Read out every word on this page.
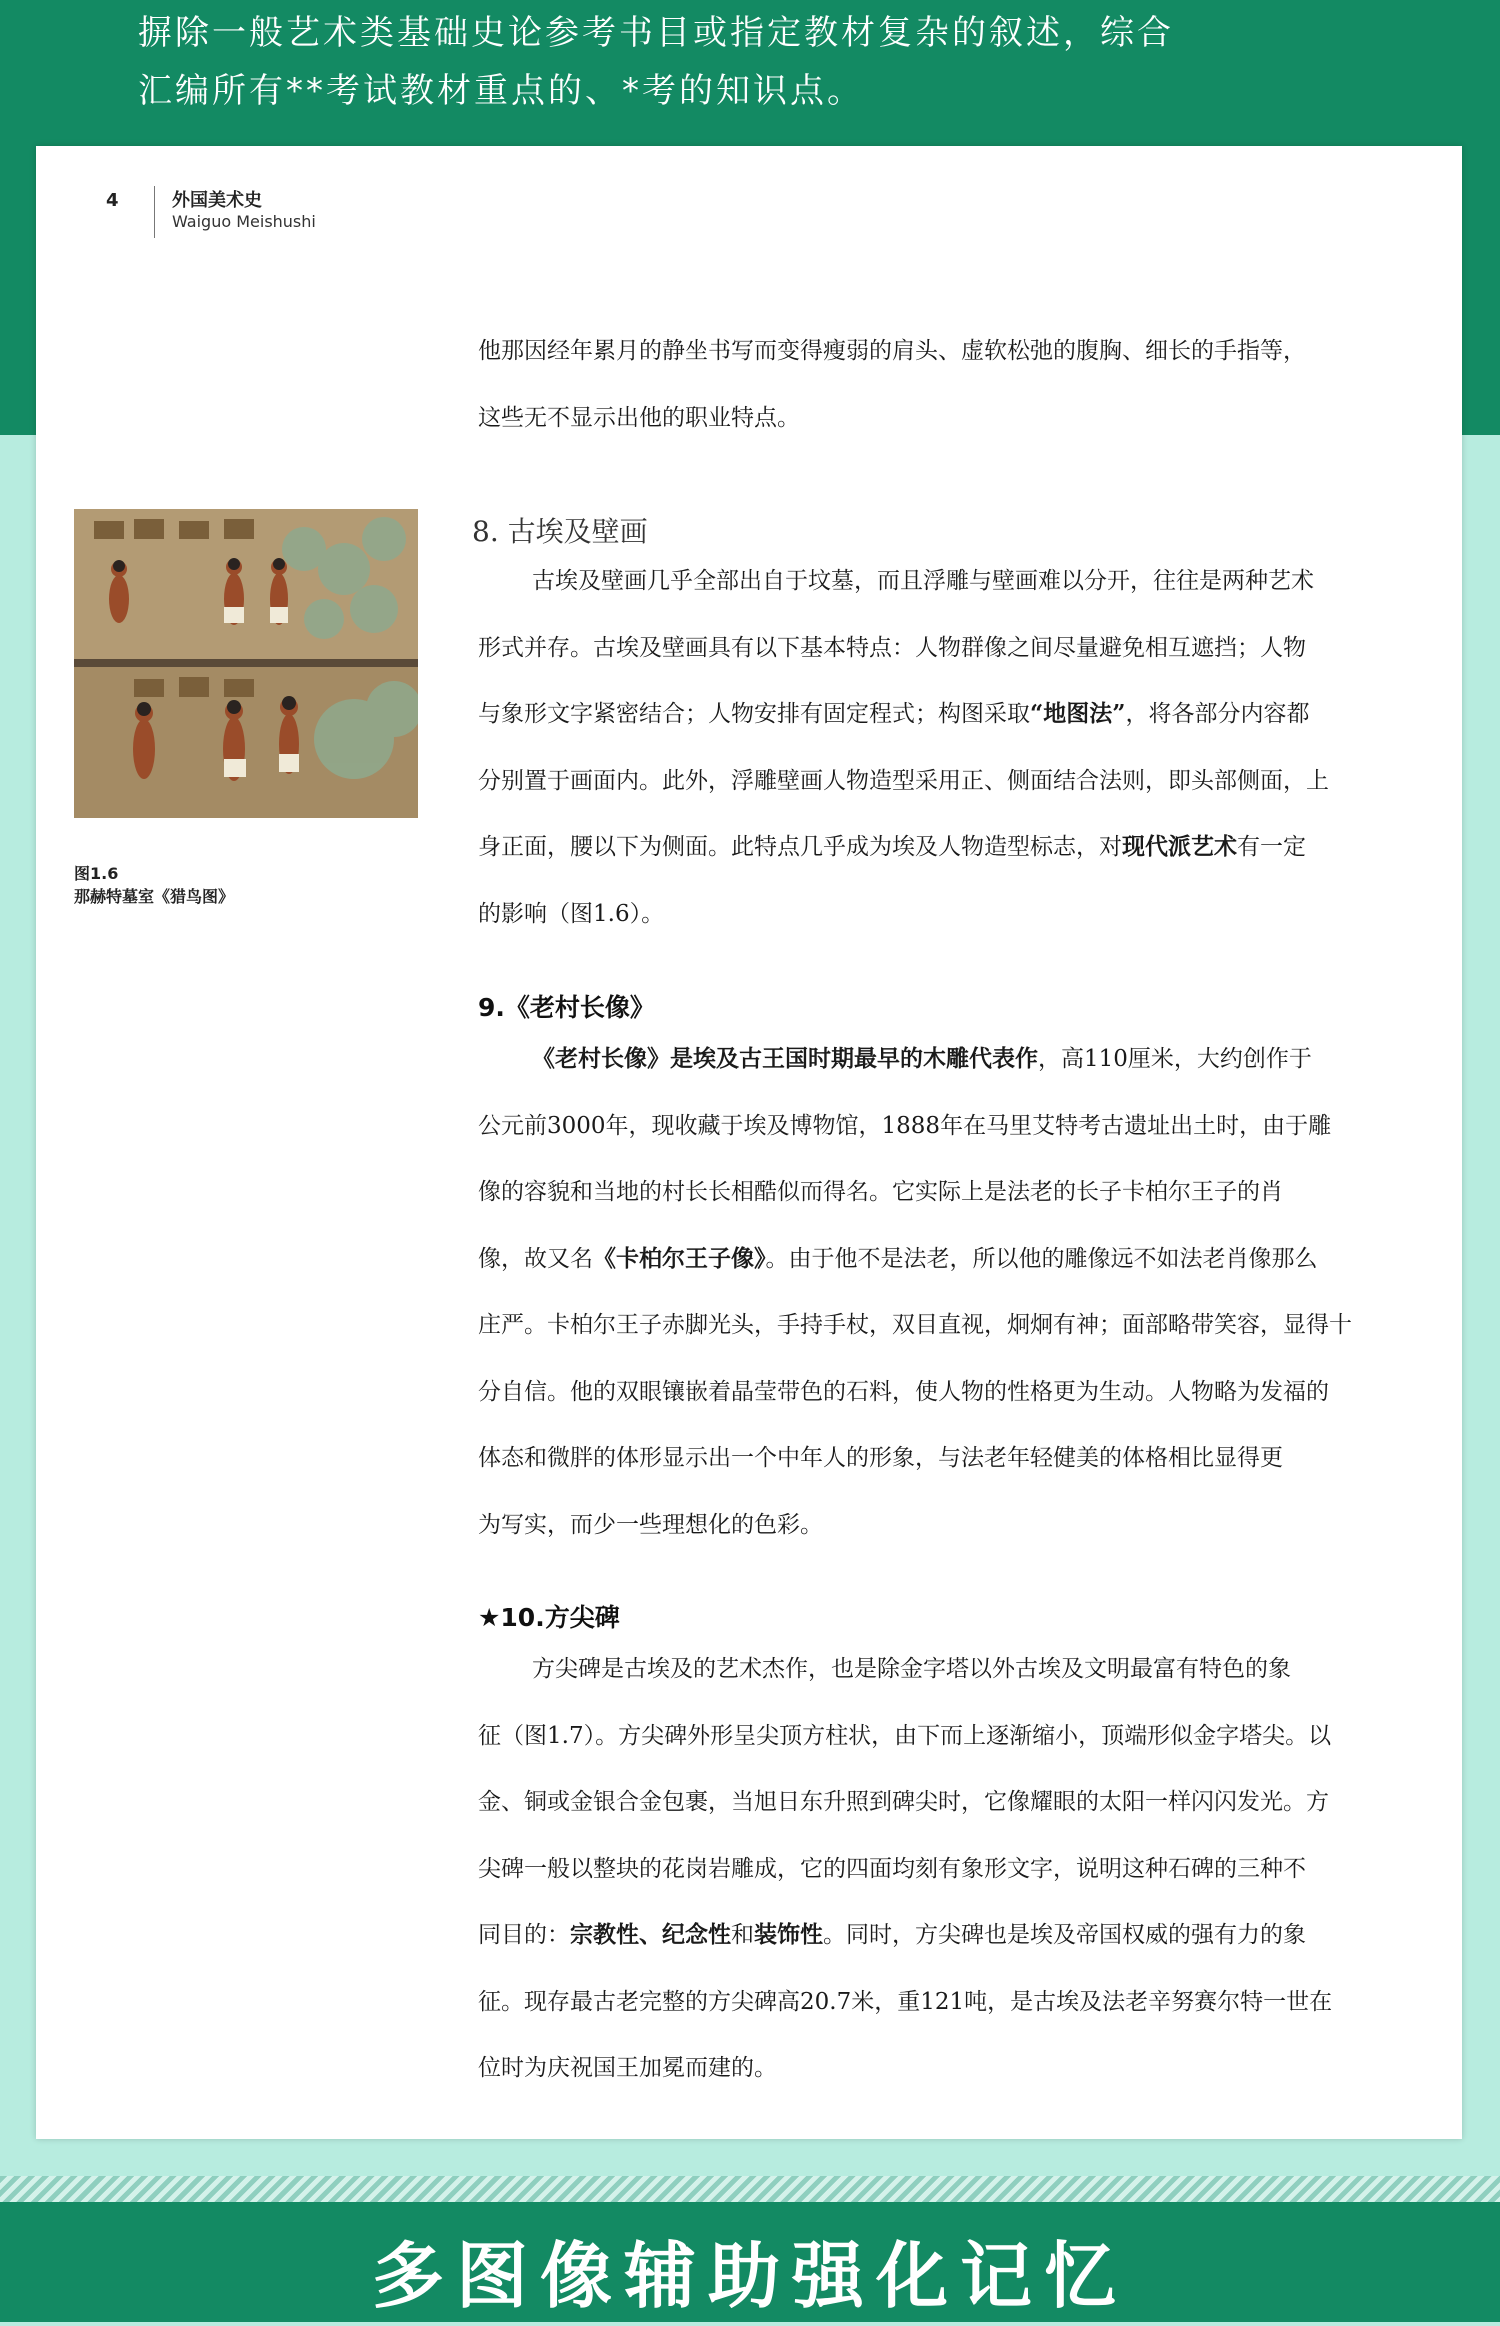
摒除一般艺术类基础史论参考书目或指定教材复杂的叙述，综合
汇编所有**考试教材重点的、*考的知识点。
4	外国美术史
Waiguo Meishushi
图1.6
那赫特墓室《猎鸟图》
他那因经年累月的静坐书写而变得瘦弱的肩头、虚软松弛的腹胸、细长的手指等，
这些无不显示出他的职业特点。
8. 古埃及壁画
古埃及壁画几乎全部出自于坟墓，而且浮雕与壁画难以分开，往往是两种艺术
形式并存。古埃及壁画具有以下基本特点：人物群像之间尽量避免相互遮挡；人物
与象形文字紧密结合；人物安排有固定程式；构图采取“地图法”，将各部分内容都
分别置于画面内。此外，浮雕壁画人物造型采用正、侧面结合法则，即头部侧面，上
身正面，腰以下为侧面。此特点几乎成为埃及人物造型标志，对现代派艺术有一定
的影响（图1.6）。
9.《老村长像》
《老村长像》是埃及古王国时期最早的木雕代表作，高110厘米，大约创作于
公元前3000年，现收藏于埃及博物馆，1888年在马里艾特考古遗址出土时，由于雕
像的容貌和当地的村长长相酷似而得名。它实际上是法老的长子卡柏尔王子的肖
像，故又名《卡柏尔王子像》。由于他不是法老，所以他的雕像远不如法老肖像那么
庄严。卡柏尔王子赤脚光头，手持手杖，双目直视，炯炯有神；面部略带笑容，显得十
分自信。他的双眼镶嵌着晶莹带色的石料，使人物的性格更为生动。人物略为发福的
体态和微胖的体形显示出一个中年人的形象，与法老年轻健美的体格相比显得更
为写实，而少一些理想化的色彩。
★10.方尖碑
方尖碑是古埃及的艺术杰作，也是除金字塔以外古埃及文明最富有特色的象
征（图1.7）。方尖碑外形呈尖顶方柱状，由下而上逐渐缩小，顶端形似金字塔尖。以
金、铜或金银合金包裹，当旭日东升照到碑尖时，它像耀眼的太阳一样闪闪发光。方
尖碑一般以整块的花岗岩雕成，它的四面均刻有象形文字，说明这种石碑的三种不
同目的：宗教性、纪念性和装饰性。同时，方尖碑也是埃及帝国权威的强有力的象
征。现存最古老完整的方尖碑高20.7米，重121吨，是古埃及法老辛努赛尔特一世在
位时为庆祝国王加冕而建的。
多图像辅助强化记忆
